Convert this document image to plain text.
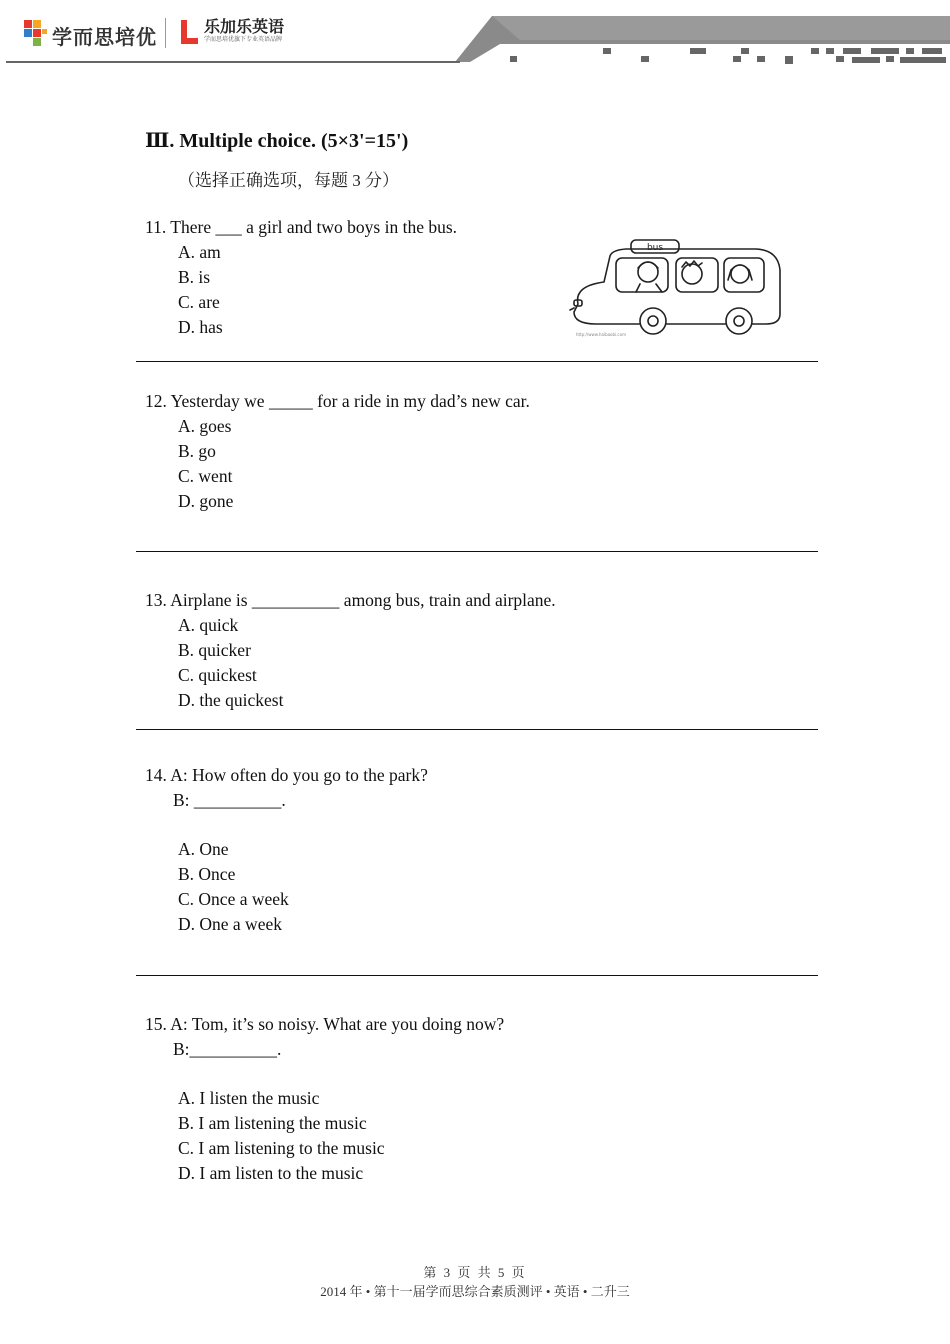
学而思培优	乐加乐英语
学而思培优旗下专业英语品牌
Ⅲ. Multiple choice. (5×3'=15')
（选择正确选项，每题 3 分）
11. There ___ a girl and two boys in the bus.
A. am
B. is
C. are
D. has
bus
http://www.haibaobi.com
12. Yesterday we _____ for a ride in my dad’s new car.
A. goes
B. go
C. went
D. gone
13. Airplane is __________ among bus, train and airplane.
A. quick
B. quicker
C. quickest
D. the quickest
14. A: How often do you go to the park?
B: __________.
A. One
B. Once
C. Once a week
D. One a week
15. A: Tom, it’s so noisy. What are you doing now?
B:__________.
A. I listen the music
B. I am listening the music
C. I am listening to the music
D. I am listen to the music
第 3 页 共 5 页
2014 年 • 第十一届学而思综合素质测评 • 英语 • 二升三
